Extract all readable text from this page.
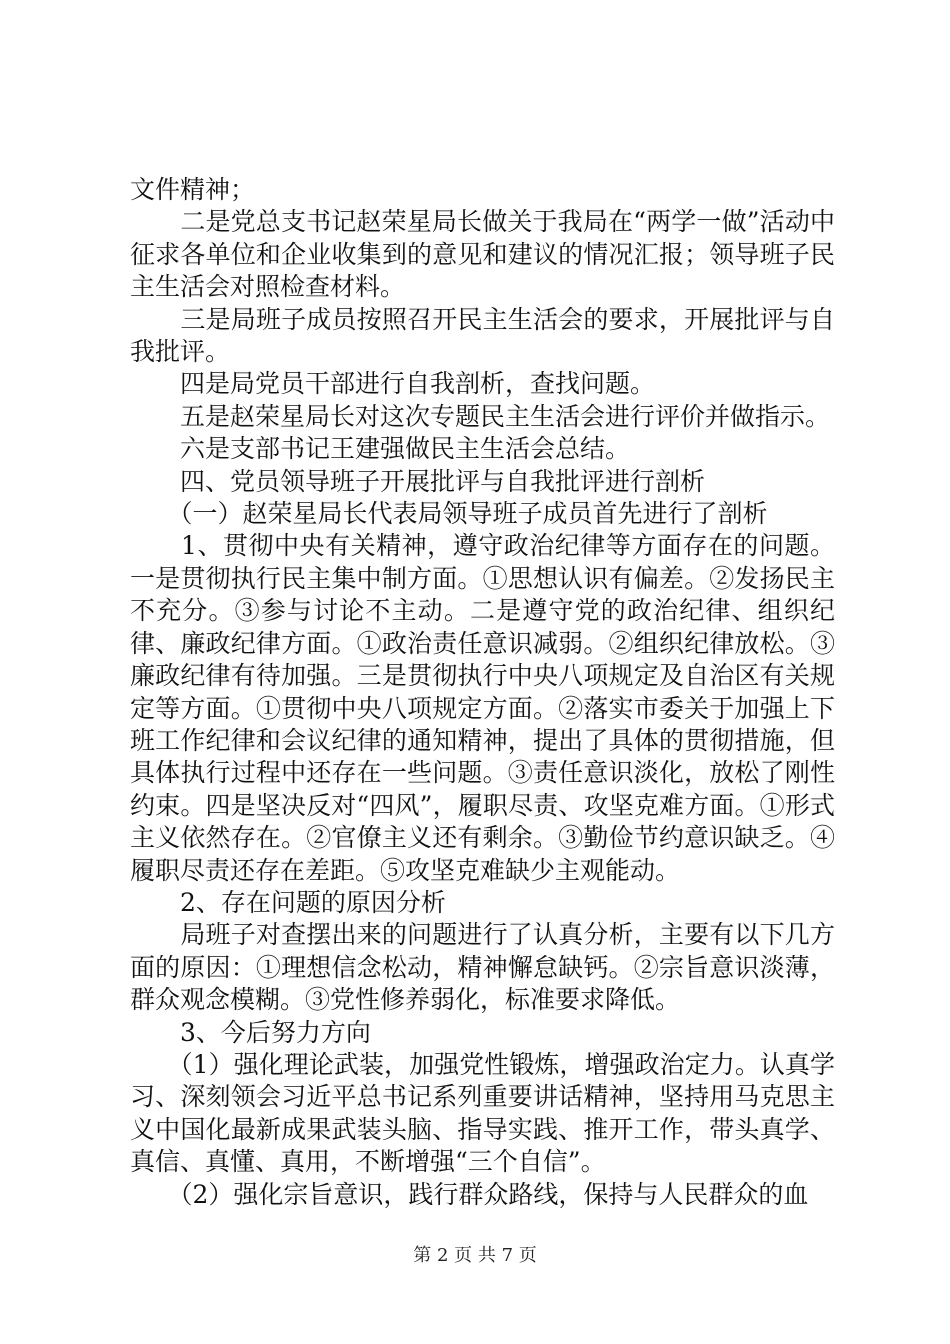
文件精神；

　　二是党总支书记赵荣星局长做关于我局在“两学一做”活动中征求各单位和企业收集到的意见和建议的情况汇报；领导班子民主生活会对照检查材料。

　　三是局班子成员按照召开民主生活会的要求，开展批评与自我批评。

　　四是局党员干部进行自我剖析，查找问题。

　　五是赵荣星局长对这次专题民主生活会进行评价并做指示。

　　六是支部书记王建强做民主生活会总结。

　　四、党员领导班子开展批评与自我批评进行剖析

　　（一）赵荣星局长代表局领导班子成员首先进行了剖析

　　1、贯彻中央有关精神，遵守政治纪律等方面存在的问题。一是贯彻执行民主集中制方面。①思想认识有偏差。②发扬民主不充分。③参与讨论不主动。二是遵守党的政治纪律、组织纪律、廉政纪律方面。①政治责任意识减弱。②组织纪律放松。③廉政纪律有待加强。三是贯彻执行中央八项规定及自治区有关规定等方面。①贯彻中央八项规定方面。②落实市委关于加强上下班工作纪律和会议纪律的通知精神，提出了具体的贯彻措施，但具体执行过程中还存在一些问题。③责任意识淡化，放松了刚性约束。四是坚决反对“四风”，履职尽责、攻坚克难方面。①形式主义依然存在。②官僚主义还有剩余。③勤俭节约意识缺乏。④履职尽责还存在差距。⑤攻坚克难缺少主观能动。

　　2、存在问题的原因分析

　　局班子对查摆出来的问题进行了认真分析，主要有以下几方面的原因：①理想信念松动，精神懈怠缺钙。②宗旨意识淡薄，群众观念模糊。③党性修养弱化，标准要求降低。

　　3、今后努力方向

　　（1）强化理论武装，加强党性锻炼，增强政治定力。认真学习、深刻领会习近平总书记系列重要讲话精神，坚持用马克思主义中国化最新成果武装头脑、指导实践、推开工作，带头真学、真信、真懂、真用，不断增强“三个自信”。

　　（2）强化宗旨意识，践行群众路线，保持与人民群众的血

第 2 页 共 7 页
